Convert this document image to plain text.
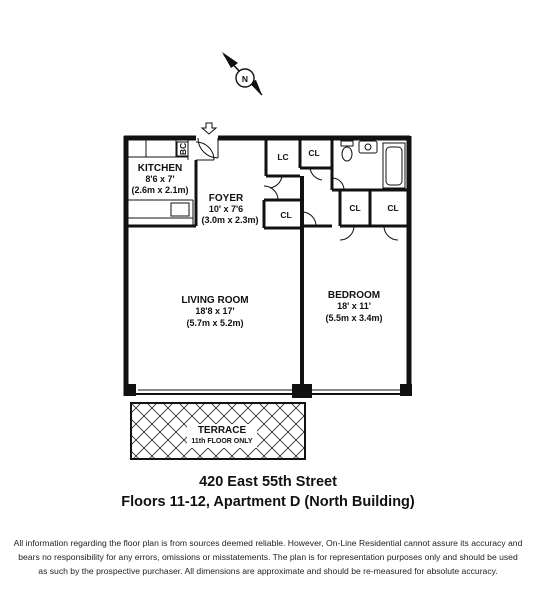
N
KITCHEN
8'6 x 7'
(2.6m x 2.1m)
BC
FOYER
10' x 7'6
(3.0m x 2.3m)
LIVING ROOM
18'8 x 17'
(5.7m x 5.2m)
BEDROOM
18' x 11'
(5.5m x 3.4m)
TERRACE
11th FLOOR ONLY
LC CL
CL
CL	CL
420 East 55th Street
Floors 11-12, Apartment D (North Building)
All information regarding the floor plan is from sources deemed reliable. However, On-Line Residential cannot assure its accuracy and
bears no responsibility for any errors, omissions or misstatements. The plan is for representation purposes only and should be used
as such by the prospective purchaser. All dimensions are approximate and should be re-measured for absolute accuracy.
